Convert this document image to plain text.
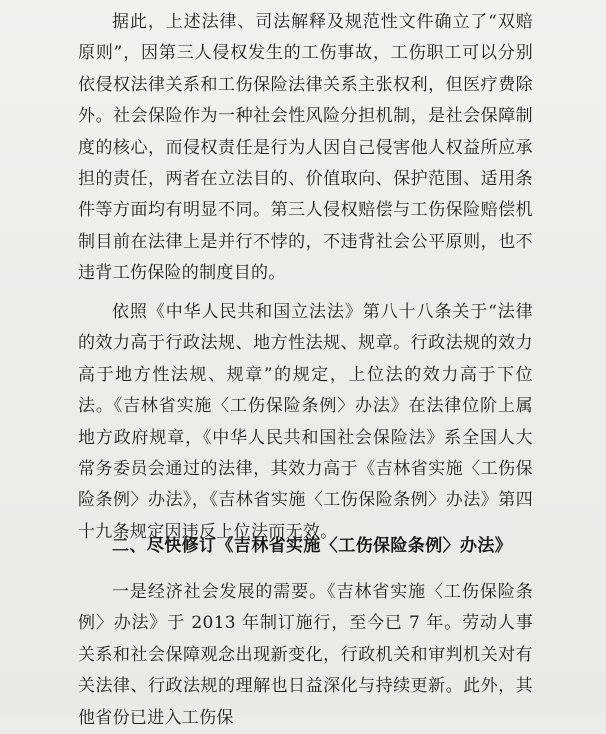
据此，上述法律、司法解释及规范性文件确立了“双赔原则”，因第三人侵权发生的工伤事故，工伤职工可以分别依侵权法律关系和工伤保险法律关系主张权利，但医疗费除外。社会保险作为一种社会性风险分担机制，是社会保障制度的核心，而侵权责任是行为人因自己侵害他人权益所应承担的责任，两者在立法目的、价值取向、保护范围、适用条件等方面均有明显不同。第三人侵权赔偿与工伤保险赔偿机制目前在法律上是并行不悖的，不违背社会公平原则，也不违背工伤保险的制度目的。

依照《中华人民共和国立法法》第八十八条关于“法律的效力高于行政法规、地方性法规、规章。行政法规的效力高于地方性法规、规章”的规定，上位法的效力高于下位法。《吉林省实施〈工伤保险条例〉办法》在法律位阶上属地方政府规章，《中华人民共和国社会保险法》系全国人大常务委员会通过的法律，其效力高于《吉林省实施〈工伤保险条例〉办法》，《吉林省实施〈工伤保险条例〉办法》第四十九条规定因违反上位法而无效。

二、尽快修订《吉林省实施〈工伤保险条例〉办法》

一是经济社会发展的需要。《吉林省实施〈工伤保险条例〉办法》于 2013 年制订施行，至今已 7 年。劳动人事关系和社会保障观念出现新变化，行政机关和审判机关对有关法律、行政法规的理解也日益深化与持续更新。此外，其他省份已进入工伤保
